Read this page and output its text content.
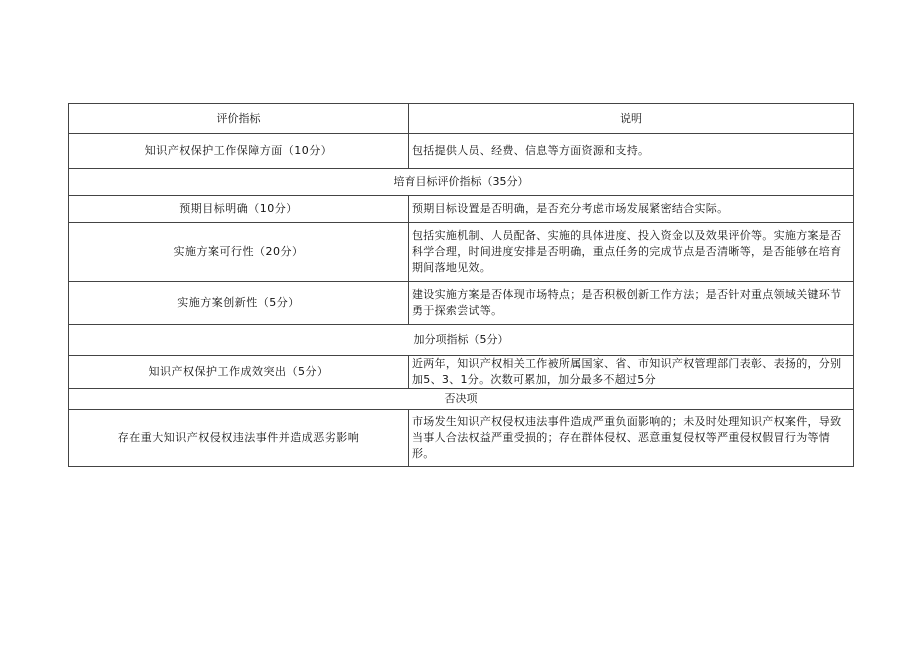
评价指标	说明
知识产权保护工作保障方面（10分）	包括提供人员、经费、信息等方面资源和支持。
培育目标评价指标（35分）	
预期目标明确（10分）	预期目标设置是否明确，是否充分考虑市场发展紧密结合实际。
实施方案可行性（20分）	包括实施机制、人员配备、实施的具体进度、投入资金以及效果评价等。实施方案是否科学合理，时间进度安排是否明确，重点任务的完成节点是否清晰等，是否能够在培育期间落地见效。
实施方案创新性（5分）	建设实施方案是否体现市场特点；是否积极创新工作方法；是否针对重点领域关键环节勇于探索尝试等。
加分项指标（5分）	
知识产权保护工作成效突出（5分）	近两年，知识产权相关工作被所属国家、省、市知识产权管理部门表彰、表扬的，分别加5、3、1分。次数可累加，加分最多不超过5分
否决项	
存在重大知识产权侵权违法事件并造成恶劣影响	市场发生知识产权侵权违法事件造成严重负面影响的；未及时处理知识产权案件，导致当事人合法权益严重受损的；存在群体侵权、恶意重复侵权等严重侵权假冒行为等情形。
